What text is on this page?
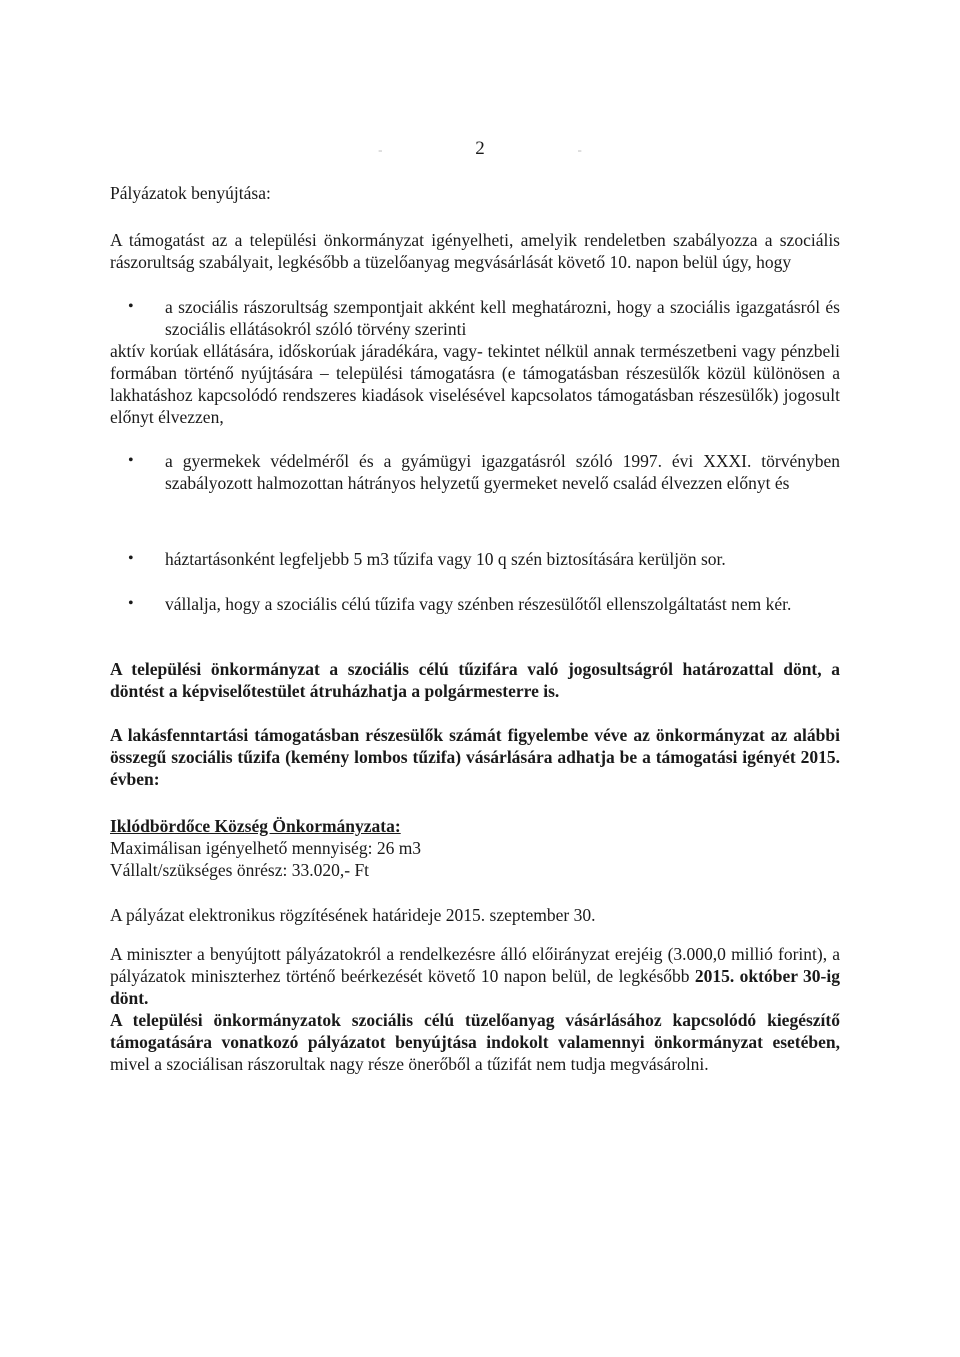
-	2	-
Pályázatok benyújtása:
A támogatást az a települési önkormányzat igényelheti, amelyik rendeletben szabályozza a szociális rászorultság szabályait, legkésőbb a tüzelőanyag megvásárlását követő 10. napon belül úgy, hogy
• a szociális rászorultság szempontjait akként kell meghatározni, hogy a szociális igazgatásról és szociális ellátásokról szóló törvény szerinti
aktív korúak ellátására, időskorúak járadékára, vagy- tekintet nélkül annak természetbeni vagy pénzbeli formában történő nyújtására – települési támogatásra (e támogatásban részesülők közül különösen a lakhatáshoz kapcsolódó rendszeres kiadások viselésével kapcsolatos támogatásban részesülők) jogosult előnyt élvezzen,
• a gyermekek védelméről és a gyámügyi igazgatásról szóló 1997. évi XXXI. törvényben szabályozott halmozottan hátrányos helyzetű gyermeket nevelő család élvezzen előnyt és
• háztartásonként legfeljebb 5 m3 tűzifa vagy 10 q szén biztosítására kerüljön sor.
• vállalja, hogy a szociális célú tűzifa vagy szénben részesülőtől ellenszolgáltatást nem kér.
A települési önkormányzat a szociális célú tűzifára való jogosultságról határozattal dönt, a döntést a képviselőtestület átruházhatja a polgármesterre is.
A lakásfenntartási támogatásban részesülők számát figyelembe véve az önkormányzat az alábbi összegű szociális tűzifa (kemény lombos tűzifa) vásárlására adhatja be a támogatási igényét 2015. évben:
Iklódbördőce Község Önkormányzata:
Maximálisan igényelhető mennyiség: 26 m3
Vállalt/szükséges önrész: 33.020,- Ft
A pályázat elektronikus rögzítésének határideje 2015. szeptember 30.
A miniszter a benyújtott pályázatokról a rendelkezésre álló előirányzat erejéig (3.000,0 millió forint), a pályázatok miniszterhez történő beérkezését követő 10 napon belül, de legkésőbb 2015. október 30-ig dönt.
A települési önkormányzatok szociális célú tüzelőanyag vásárlásához kapcsolódó kiegészítő támogatására vonatkozó pályázatot benyújtása indokolt valamennyi önkormányzat esetében, mivel a szociálisan rászorultak nagy része önerőből a tűzifát nem tudja megvásárolni.
